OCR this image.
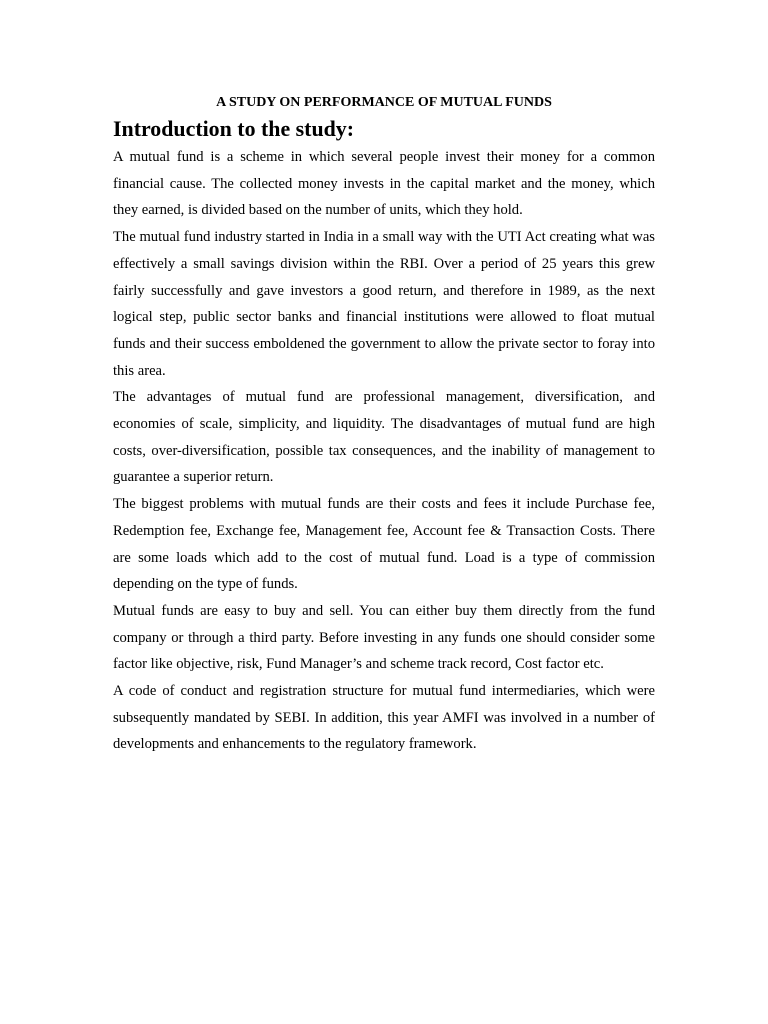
A STUDY ON PERFORMANCE OF MUTUAL FUNDS
Introduction to the study:

A mutual fund is a scheme in which several people invest their money for a common financial cause. The collected money invests in the capital market and the money, which they earned, is divided based on the number of units, which they hold.

The mutual fund industry started in India in a small way with the UTI Act creating what was effectively a small savings division within the RBI. Over a period of 25 years this grew fairly successfully and gave investors a good return, and therefore in 1989, as the next logical step, public sector banks and financial institutions were allowed to float mutual funds and their success emboldened the government to allow the private sector to foray into this area.

The advantages of mutual fund are professional management, diversification, and economies of scale, simplicity, and liquidity. The disadvantages of mutual fund are high costs, over-diversification, possible tax consequences, and the inability of management to guarantee a superior return.

The biggest problems with mutual funds are their costs and fees it include Purchase fee, Redemption fee, Exchange fee, Management fee, Account fee & Transaction Costs. There are some loads which add to the cost of mutual fund. Load is a type of commission depending on the type of funds.

Mutual funds are easy to buy and sell. You can either buy them directly from the fund company or through a third party. Before investing in any funds one should consider some factor like objective, risk, Fund Manager’s and scheme track record, Cost factor etc.

A code of conduct and registration structure for mutual fund intermediaries, which were subsequently mandated by SEBI. In addition, this year AMFI was involved in a number of developments and enhancements to the regulatory framework.
